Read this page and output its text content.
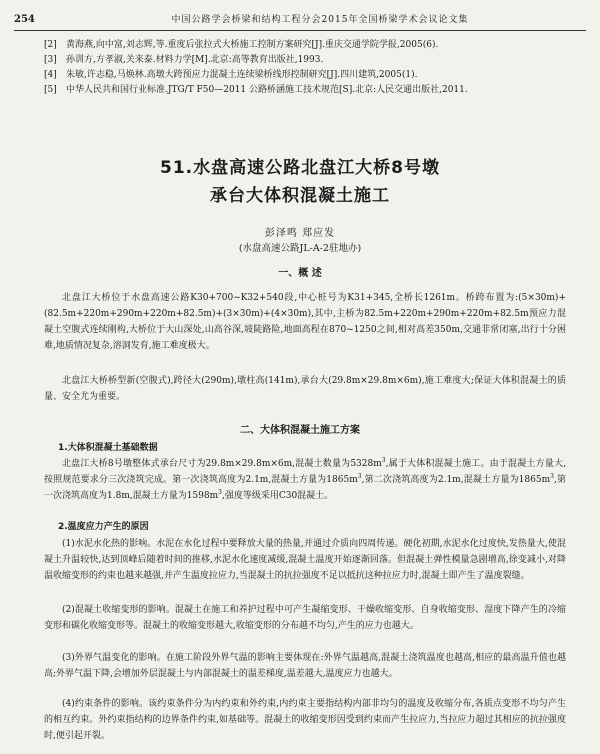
254	中国公路学会桥梁和结构工程分会2015年全国桥梁学术会议论文集
[2] 黄海燕,向中富,刘志辉,等.重度后张拉式大桥施工控制方案研究[J].重庆交通学院学报,2005(6).
[3] 孙训方,方孝淑,关来泰.材料力学[M].北京:高等教育出版社,1993.
[4] 朱敏,许志稳,马焕林.高墩大跨预应力混凝土连续梁桥线形控制研究[J].四川建筑,2005(1).
[5] 中华人民共和国行业标准.JTG/T F50—2011 公路桥涵施工技术规范[S].北京:人民交通出版社,2011.
51.水盘高速公路北盘江大桥8号墩
承台大体积混凝土施工
彭泽鸣 郑应发
(水盘高速公路JL-A-2驻地办)
一、概 述
北盘江大桥位于水盘高速公路K30+700~K32+540段,中心桩号为K31+345,全桥长1261m。桥跨布置为:(5×30m)+(82.5m+220m+290m+220m+82.5m)+(3×30m)+(4×30m),其中,主桥为82.5m+220m+290m+220m+82.5m预应力混凝土空腹式连续刚构,大桥位于大山深处,山高谷深,坡陡路险,地面高程在870~1250之间,相对高差350m,交通非常闭塞,出行十分困难,地质情况复杂,溶洞发育,施工难度极大。
北盘江大桥桥型新(空腹式),跨径大(290m),墩柱高(141m),承台大(29.8m×29.8m×6m),施工难度大;保证大体积混凝土的质量、安全尤为重要。
二、大体积混凝土施工方案
1.大体积混凝土基础数据
北盘江大桥8号墩整体式承台尺寸为29.8m×29.8m×6m,混凝土数量为$5328m^3$,属于大体积混凝土施工。由于混凝土方量大,按照规范要求分三次浇筑完成。第一次浇筑高度为2.1m,混凝土方量为$1865m^3$,第二次浇筑高度为2.1m,混凝土方量为$1865m^3$,第一次浇筑高度为1.8m,混凝土方量为$1598m^3$,强度等级采用C30混凝土。
2.温度应力产生的原因
(1)水泥水化热的影响。水泥在水化过程中要释放大量的热量,并通过介质向四周传递。硬化初期,水泥水化过度快,发热量大,使混凝土升温较快,达到顶峰后随着时间的推移,水泥水化速度减缓,混凝土温度开始逐渐回落。但混凝土弹性模量急剧增高,徐变减小,对降温收缩变形的约束也越来越强,并产生温度拉应力,当混凝土的抗拉强度不足以抵抗这种拉应力时,混凝土即产生了温度裂缝。
(2)混凝土收缩变形的影响。混凝土在施工和养护过程中可产生凝缩变形、干燥收缩变形、自身收缩变形、湿度下降产生的冷缩变形和碳化收缩变形等。混凝土的收缩变形越大,收缩变形的分布越不均匀,产生的应力也越大。
(3)外界气温变化的影响。在施工阶段外界气温的影响主要体现在:外界气温越高,混凝土浇筑温度也越高,相应的最高温升值也越高;外界气温下降,会增加外层混凝土与内部混凝土的温差梯度,温差越大,温度应力也越大。
(4)约束条件的影响。该约束条件分为内约束和外约束,内约束主要指结构内部非均匀的温度及收缩分布,各质点变形不均匀产生的相互约束。外约束指结构的边界条件约束,如基础等。混凝土的收缩变形因受到约束而产生拉应力,当拉应力超过其相应的抗拉强度时,便引起开裂。
